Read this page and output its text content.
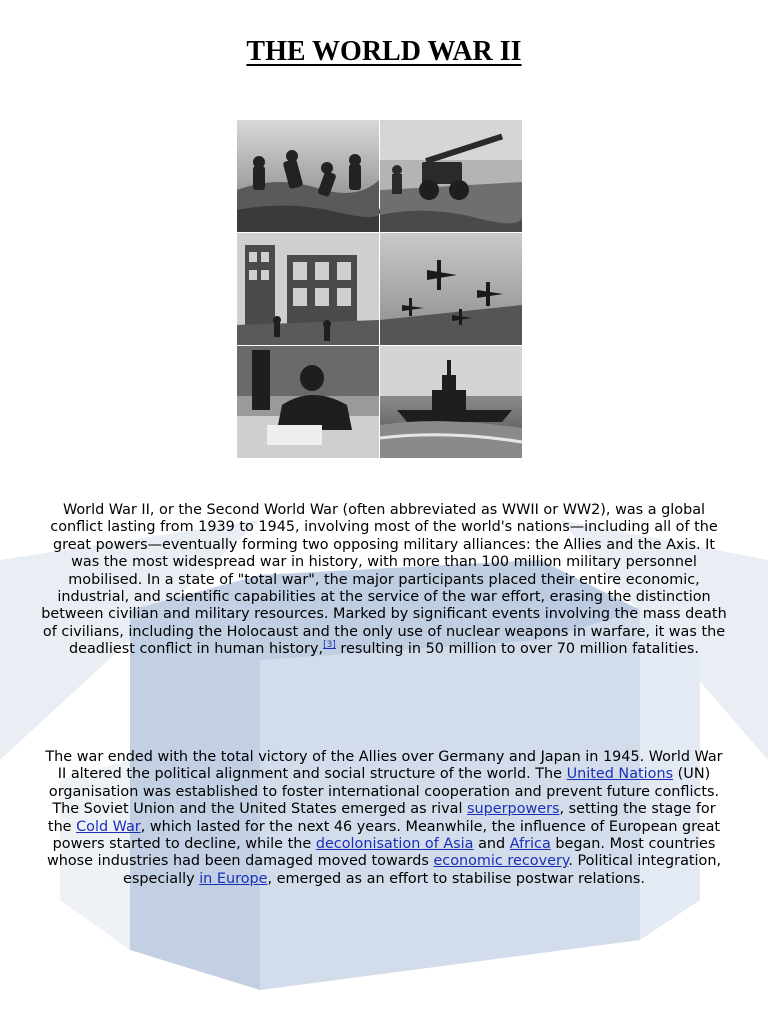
THE WORLD WAR II

World War II, or the Second World War (often abbreviated as WWII or WW2), was a global conflict lasting from 1939 to 1945, involving most of the world's nations—including all of the great powers—eventually forming two opposing military alliances: the Allies and the Axis. It was the most widespread war in history, with more than 100 million military personnel mobilised. In a state of "total war", the major participants placed their entire economic, industrial, and scientific capabilities at the service of the war effort, erasing the distinction between civilian and military resources. Marked by significant events involving the mass death of civilians, including the Holocaust and the only use of nuclear weapons in warfare, it was the deadliest conflict in human history,[3] resulting in 50 million to over 70 million fatalities.

The war ended with the total victory of the Allies over Germany and Japan in 1945. World War II altered the political alignment and social structure of the world. The United Nations (UN) organisation was established to foster international cooperation and prevent future conflicts. The Soviet Union and the United States emerged as rival superpowers, setting the stage for the Cold War, which lasted for the next 46 years. Meanwhile, the influence of European great powers started to decline, while the decolonisation of Asia and Africa began. Most countries whose industries had been damaged moved towards economic recovery. Political integration, especially in Europe, emerged as an effort to stabilise postwar relations.
